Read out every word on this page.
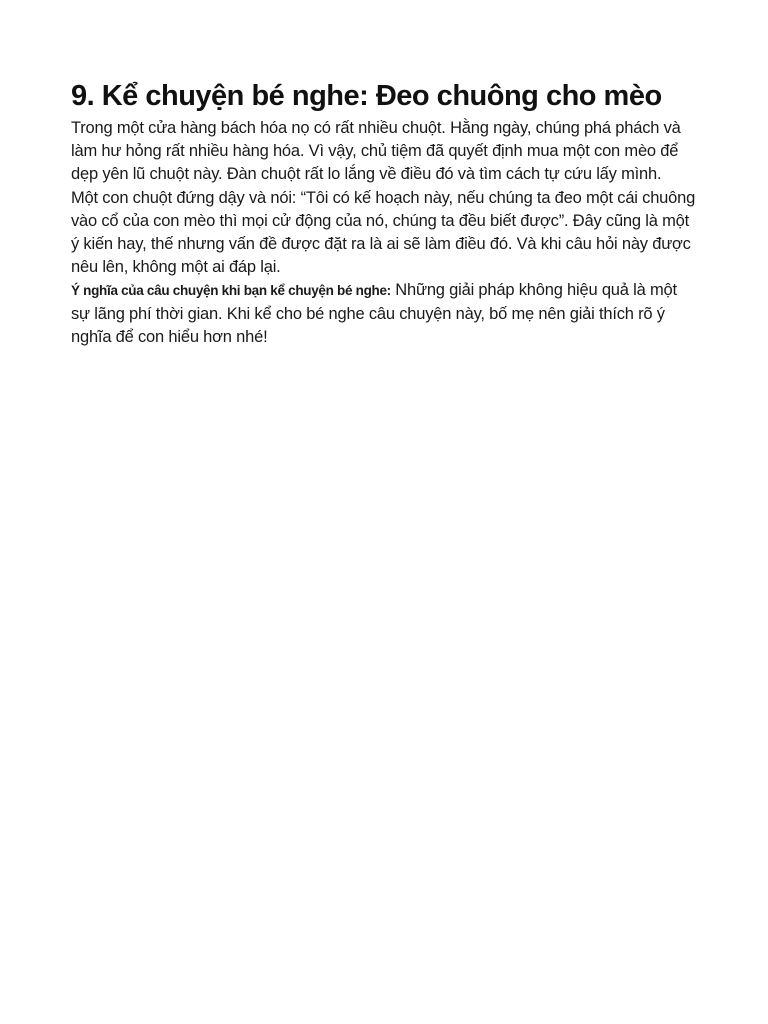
9. Kể chuyện bé nghe: Đeo chuông cho mèo

Trong một cửa hàng bách hóa nọ có rất nhiều chuột. Hằng ngày, chúng phá phách và làm hư hỏng rất nhiều hàng hóa. Vì vậy, chủ tiệm đã quyết định mua một con mèo để dẹp yên lũ chuột này. Đàn chuột rất lo lắng về điều đó và tìm cách tự cứu lấy mình.

Một con chuột đứng dậy và nói: “Tôi có kế hoạch này, nếu chúng ta đeo một cái chuông vào cổ của con mèo thì mọi cử động của nó, chúng ta đều biết được”. Đây cũng là một ý kiến hay, thế nhưng vấn đề được đặt ra là ai sẽ làm điều đó. Và khi câu hỏi này được nêu lên, không một ai đáp lại.

Ý nghĩa của câu chuyện khi bạn kể chuyện bé nghe: Những giải pháp không hiệu quả là một sự lãng phí thời gian. Khi kể cho bé nghe câu chuyện này, bố mẹ nên giải thích rõ ý nghĩa để con hiểu hơn nhé!
